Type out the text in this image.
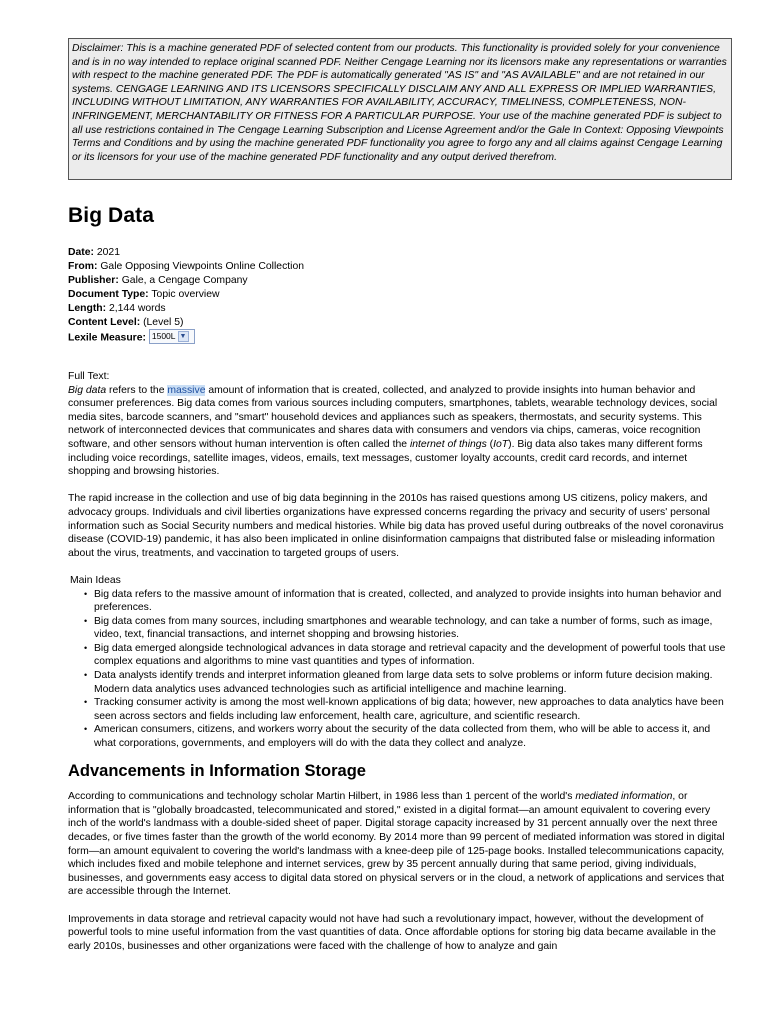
Disclaimer: This is a machine generated PDF of selected content from our products. This functionality is provided solely for your convenience and is in no way intended to replace original scanned PDF. Neither Cengage Learning nor its licensors make any representations or warranties with respect to the machine generated PDF. The PDF is automatically generated "AS IS" and "AS AVAILABLE" and are not retained in our systems. CENGAGE LEARNING AND ITS LICENSORS SPECIFICALLY DISCLAIM ANY AND ALL EXPRESS OR IMPLIED WARRANTIES, INCLUDING WITHOUT LIMITATION, ANY WARRANTIES FOR AVAILABILITY, ACCURACY, TIMELINESS, COMPLETENESS, NON-INFRINGEMENT, MERCHANTABILITY OR FITNESS FOR A PARTICULAR PURPOSE. Your use of the machine generated PDF is subject to all use restrictions contained in The Cengage Learning Subscription and License Agreement and/or the Gale In Context: Opposing Viewpoints Terms and Conditions and by using the machine generated PDF functionality you agree to forgo any and all claims against Cengage Learning or its licensors for your use of the machine generated PDF functionality and any output derived therefrom.
Big Data
Date: 2021
From: Gale Opposing Viewpoints Online Collection
Publisher: Gale, a Cengage Company
Document Type: Topic overview
Length: 2,144 words
Content Level: (Level 5)
Lexile Measure: 1500L ▼
Full Text:

Big data refers to the massive amount of information that is created, collected, and analyzed to provide insights into human behavior and consumer preferences. Big data comes from various sources including computers, smartphones, tablets, wearable technology devices, social media sites, barcode scanners, and "smart" household devices and appliances such as speakers, thermostats, and security systems. This network of interconnected devices that communicates and shares data with consumers and vendors via chips, cameras, voice recognition software, and other sensors without human intervention is often called the internet of things (IoT). Big data also takes many different forms including voice recordings, satellite images, videos, emails, text messages, customer loyalty accounts, credit card records, and internet shopping and browsing histories.

The rapid increase in the collection and use of big data beginning in the 2010s has raised questions among US citizens, policy makers, and advocacy groups. Individuals and civil liberties organizations have expressed concerns regarding the privacy and security of users' personal information such as Social Security numbers and medical histories. While big data has proved useful during outbreaks of the novel coronavirus disease (COVID-19) pandemic, it has also been implicated in online disinformation campaigns that distributed false or misleading information about the virus, treatments, and vaccination to targeted groups of users.

Main Ideas
• Big data refers to the massive amount of information that is created, collected, and analyzed to provide insights into human behavior and preferences.
• Big data comes from many sources, including smartphones and wearable technology, and can take a number of forms, such as image, video, text, financial transactions, and internet shopping and browsing histories.
• Big data emerged alongside technological advances in data storage and retrieval capacity and the development of powerful tools that use complex equations and algorithms to mine vast quantities and types of information.
• Data analysts identify trends and interpret information gleaned from large data sets to solve problems or inform future decision making. Modern data analytics uses advanced technologies such as artificial intelligence and machine learning.
• Tracking consumer activity is among the most well-known applications of big data; however, new approaches to data analytics have been seen across sectors and fields including law enforcement, health care, agriculture, and scientific research.
• American consumers, citizens, and workers worry about the security of the data collected from them, who will be able to access it, and what corporations, governments, and employers will do with the data they collect and analyze.
Advancements in Information Storage

According to communications and technology scholar Martin Hilbert, in 1986 less than 1 percent of the world's mediated information, or information that is "globally broadcasted, telecommunicated and stored," existed in a digital format—an amount equivalent to covering every inch of the world's landmass with a double-sided sheet of paper. Digital storage capacity increased by 31 percent annually over the next three decades, or five times faster than the growth of the world economy. By 2014 more than 99 percent of mediated information was stored in digital form—an amount equivalent to covering the world's landmass with a knee-deep pile of 125-page books. Installed telecommunications capacity, which includes fixed and mobile telephone and internet services, grew by 35 percent annually during that same period, giving individuals, businesses, and governments easy access to digital data stored on physical servers or in the cloud, a network of applications and services that are accessible through the Internet.

Improvements in data storage and retrieval capacity would not have had such a revolutionary impact, however, without the development of powerful tools to mine useful information from the vast quantities of data. Once affordable options for storing big data became available in the early 2010s, businesses and other organizations were faced with the challenge of how to analyze and gain
